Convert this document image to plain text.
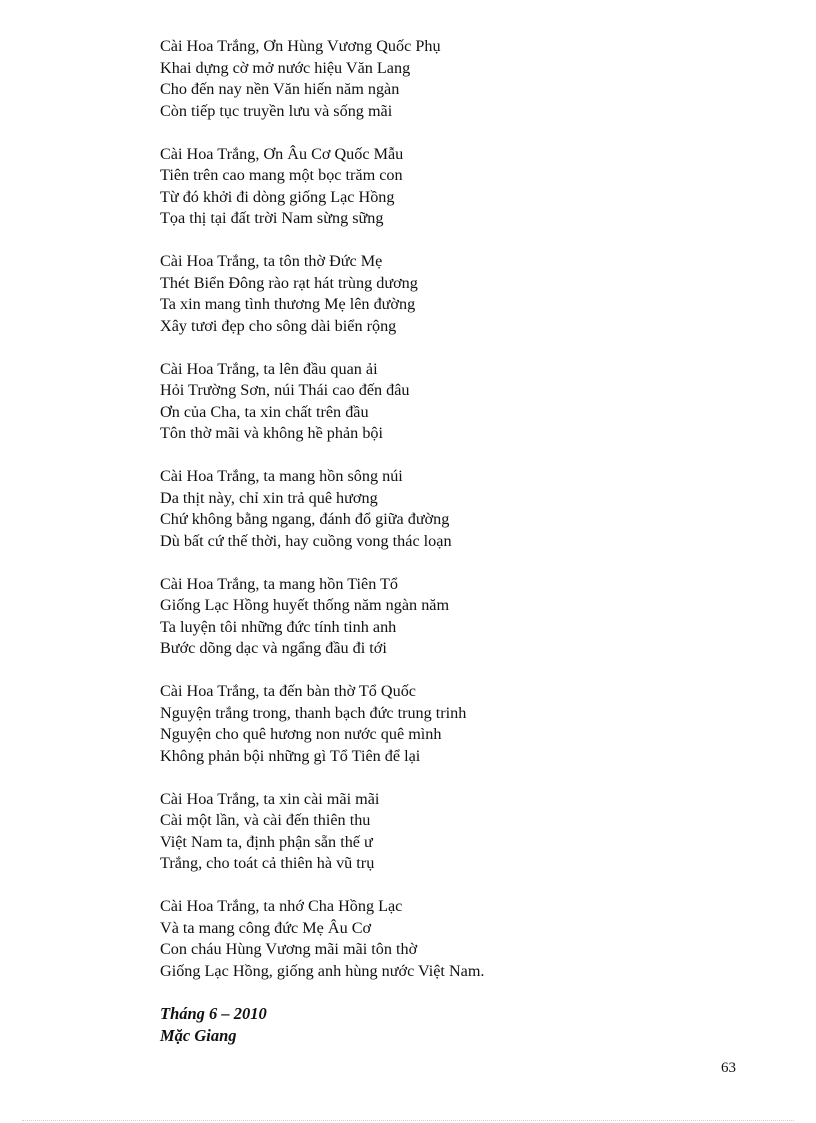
Cài Hoa Trắng, Ơn Hùng Vương Quốc Phụ
Khai dựng cờ mở nước hiệu Văn Lang
Cho đến nay nền Văn hiến năm ngàn
Còn tiếp tục truyền lưu và sống mãi
Cài Hoa Trắng, Ơn Âu Cơ Quốc Mẫu
Tiên trên cao mang một bọc trăm con
Từ đó khởi đi dòng giống Lạc Hồng
Tọa thị tại đất trời Nam sừng sững
Cài Hoa Trắng, ta tôn thờ Đức Mẹ
Thét Biển Đông rào rạt hát trùng dương
Ta xin mang tình thương Mẹ lên đường
Xây tươi đẹp cho sông dài biển rộng
Cài Hoa Trắng, ta lên đầu quan ải
Hỏi Trường Sơn, núi Thái cao đến đâu
Ơn của Cha, ta xin chất trên đầu
Tôn thờ mãi và không hề phản bội
Cài Hoa Trắng, ta mang hồn sông núi
Da thịt này, chỉ xin trả quê hương
Chứ không bằng ngang, đánh đổ giữa đường
Dù bất cứ thế thời, hay cuồng vong thác loạn
Cài Hoa Trắng, ta mang hồn Tiên Tổ
Giống Lạc Hồng huyết thống năm ngàn năm
Ta luyện tôi những đức tính tinh anh
Bước dõng dạc và ngẩng đầu đi tới
Cài Hoa Trắng, ta đến bàn thờ Tổ Quốc
Nguyện trắng trong, thanh bạch đức trung trinh
Nguyện cho quê hương non nước quê mình
Không phản bội những gì Tổ Tiên để lại
Cài Hoa Trắng, ta xin cài mãi mãi
Cài một lần, và cài đến thiên thu
Việt Nam ta, định phận sẵn thế ư
Trắng, cho toát cả thiên hà vũ trụ
Cài Hoa Trắng, ta nhớ Cha Hồng Lạc
Và ta mang công đức Mẹ Âu Cơ
Con cháu Hùng Vương mãi mãi tôn thờ
Giống Lạc Hồng, giống anh hùng nước Việt Nam.
Tháng 6 – 2010
Mặc Giang
63
